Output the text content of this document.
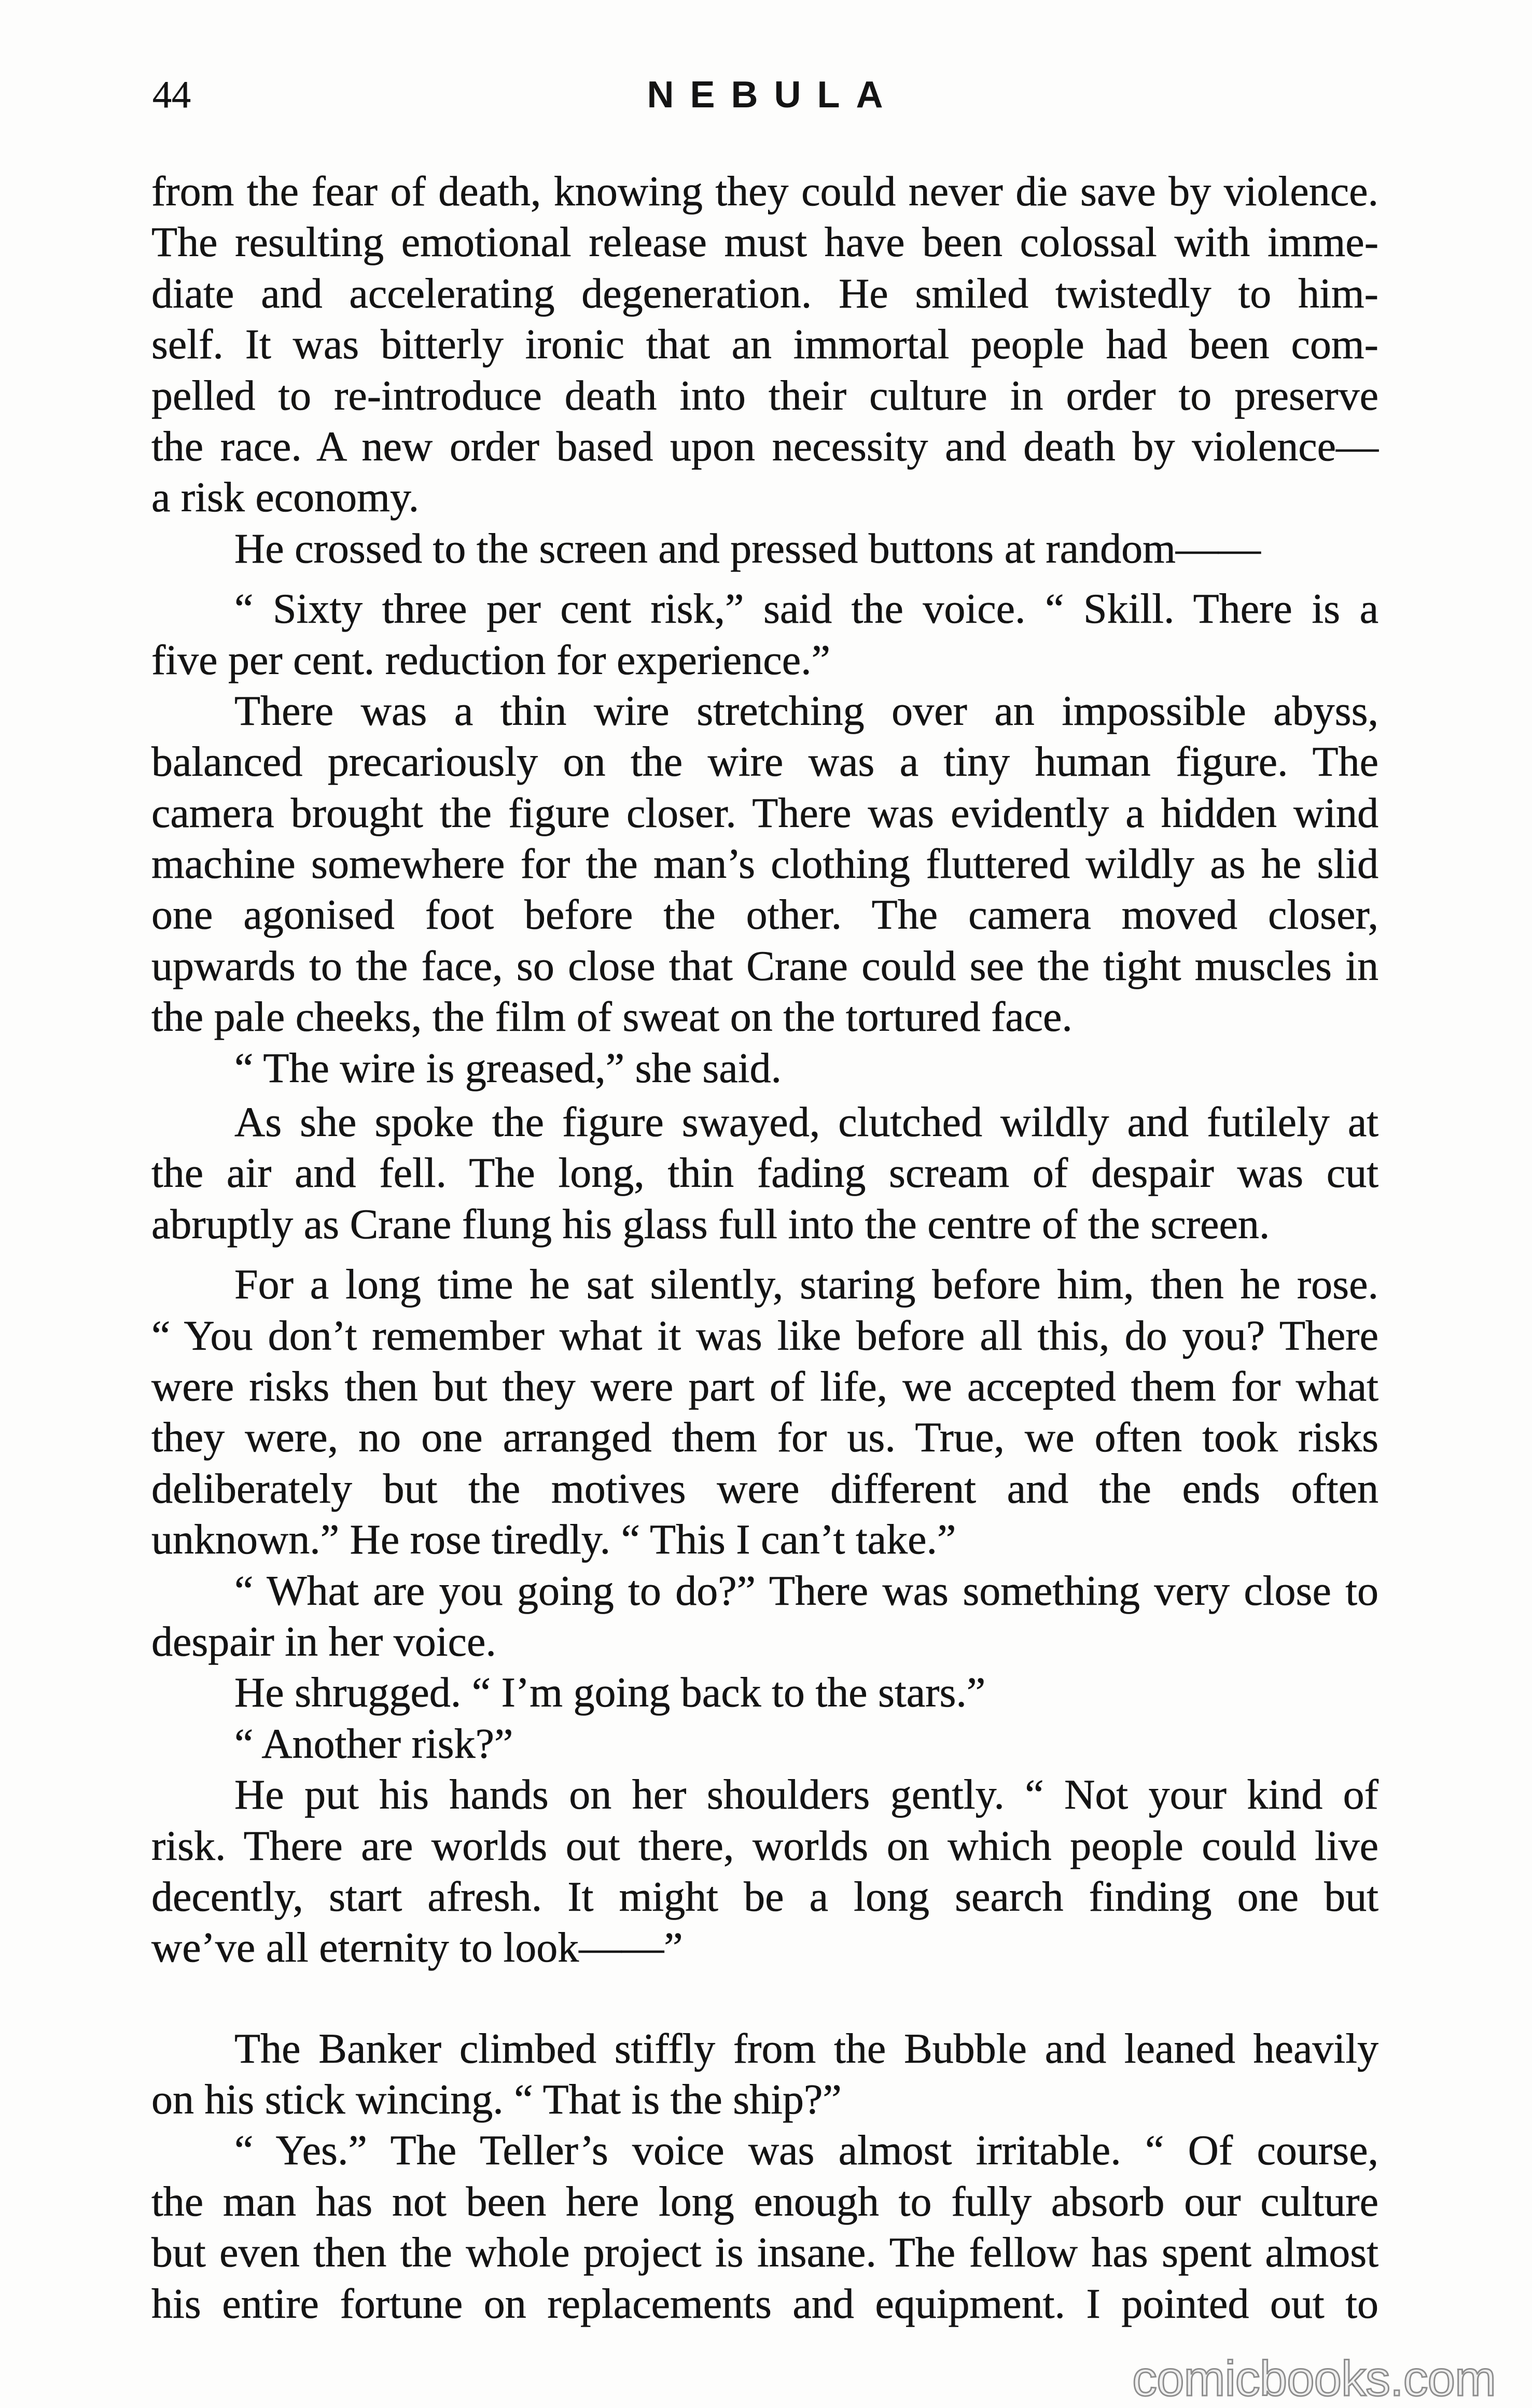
44	NEBULA
from the fear of death, knowing they could never die save by violence.
The resulting emotional release must have been colossal with imme-
diate and accelerating degeneration. He smiled twistedly to him-
self. It was bitterly ironic that an immortal people had been com-
pelled to re-introduce death into their culture in order to preserve
the race. A new order based upon necessity and death by violence—
a risk economy.
He crossed to the screen and pressed buttons at random——
“ Sixty three per cent risk,” said the voice. “ Skill. There is a
five per cent. reduction for experience.”
There was a thin wire stretching over an impossible abyss,
balanced precariously on the wire was a tiny human figure. The
camera brought the figure closer. There was evidently a hidden wind
machine somewhere for the man’s clothing fluttered wildly as he slid
one agonised foot before the other. The camera moved closer,
upwards to the face, so close that Crane could see the tight muscles in
the pale cheeks, the film of sweat on the tortured face.
“ The wire is greased,” she said.
As she spoke the figure swayed, clutched wildly and futilely at
the air and fell. The long, thin fading scream of despair was cut
abruptly as Crane flung his glass full into the centre of the screen.
For a long time he sat silently, staring before him, then he rose.
“ You don’t remember what it was like before all this, do you? There
were risks then but they were part of life, we accepted them for what
they were, no one arranged them for us. True, we often took risks
deliberately but the motives were different and the ends often
unknown.” He rose tiredly. “ This I can’t take.”
“ What are you going to do?” There was something very close to
despair in her voice.
He shrugged. “ I’m going back to the stars.”
“ Another risk?”
He put his hands on her shoulders gently. “ Not your kind of
risk. There are worlds out there, worlds on which people could live
decently, start afresh. It might be a long search finding one but
we’ve all eternity to look——”
The Banker climbed stiffly from the Bubble and leaned heavily
on his stick wincing. “ That is the ship?”
“ Yes.” The Teller’s voice was almost irritable. “ Of course,
the man has not been here long enough to fully absorb our culture
but even then the whole project is insane. The fellow has spent almost
his entire fortune on replacements and equipment. I pointed out to
comicbooks.com
